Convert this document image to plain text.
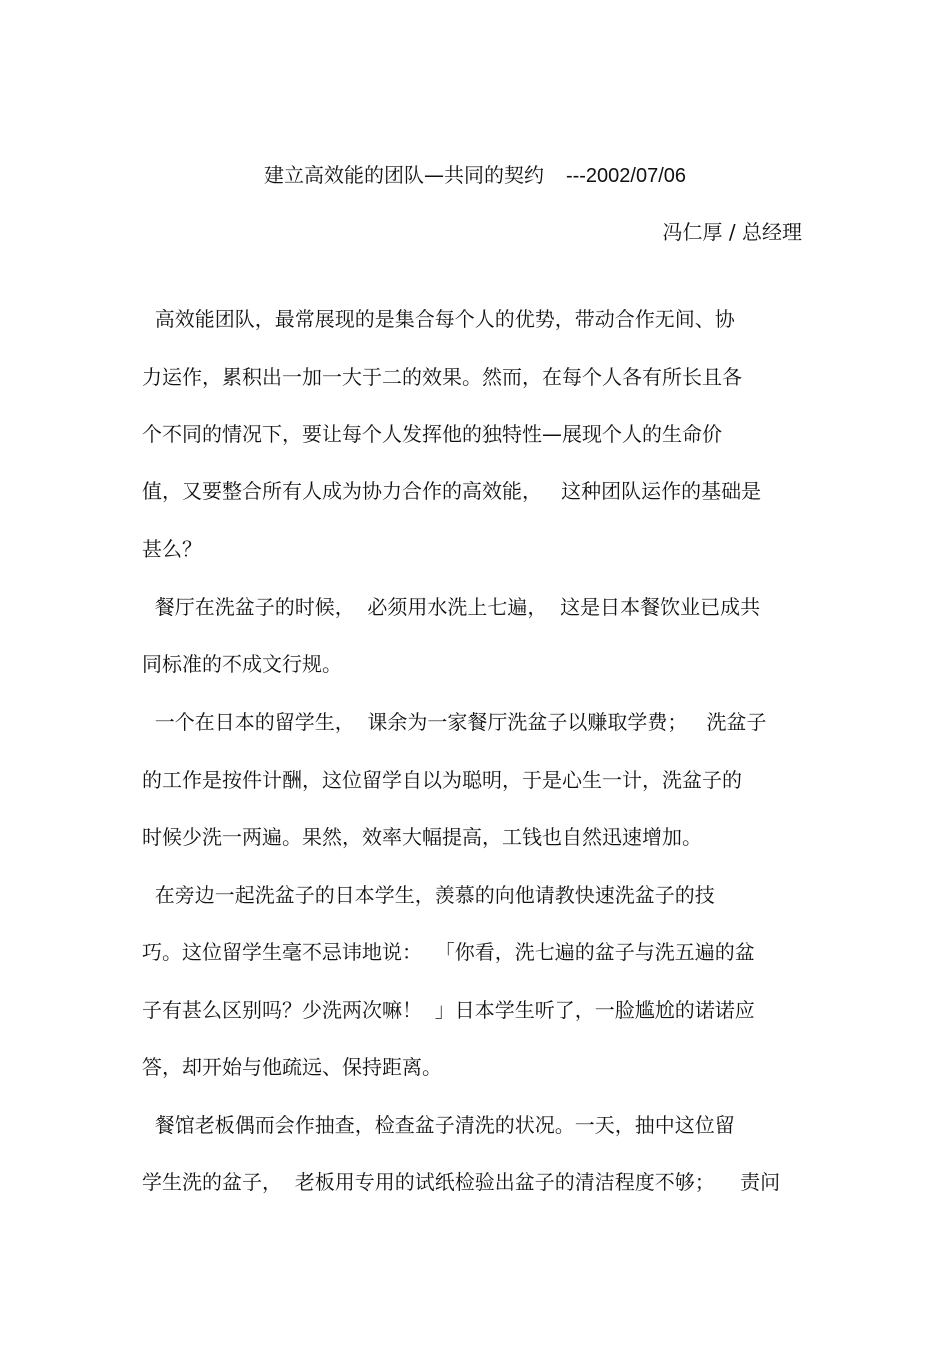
建立高效能的团队—共同的契约 ---2002/07/06
冯仁厚 / 总经理
高效能团队，最常展现的是集合每个人的优势，带动合作无间、协
力运作，累积出一加一大于二的效果。然而，在每个人各有所长且各
个不同的情况下，要让每个人发挥他的独特性—展现个人的生命价
值，又要整合所有人成为协力合作的高效能，   这种团队运作的基础是
甚么？
餐厅在洗盆子的时候，  必须用水洗上七遍，  这是日本餐饮业已成共
同标准的不成文行规。
一个在日本的留学生，  课余为一家餐厅洗盆子以赚取学费；   洗盆子
的工作是按件计酬，这位留学自以为聪明，于是心生一计，洗盆子的
时候少洗一两遍。果然，效率大幅提高，工钱也自然迅速增加。
在旁边一起洗盆子的日本学生，羡慕的向他请教快速洗盆子的技
巧。这位留学生毫不忌讳地说：  「你看，洗七遍的盆子与洗五遍的盆
子有甚么区别吗？少洗两次嘛！  」日本学生听了，一脸尴尬的诺诺应
答，却开始与他疏远、保持距离。
餐馆老板偶而会作抽查，检查盆子清洗的状况。一天，抽中这位留
学生洗的盆子，  老板用专用的试纸检验出盆子的清洁程度不够；    责问
